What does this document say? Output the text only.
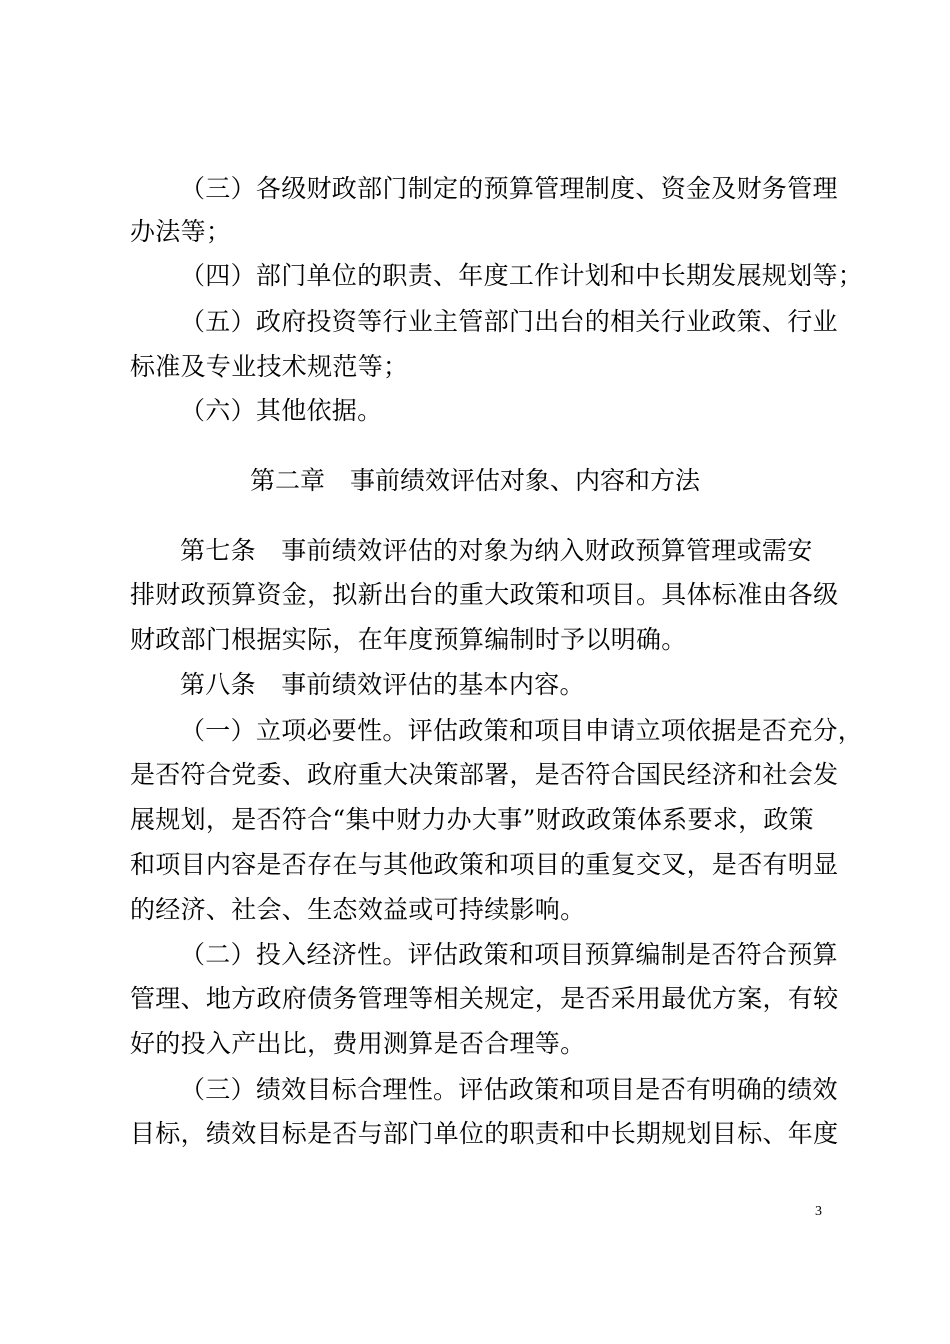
（三）各级财政部门制定的预算管理制度、资金及财务管理
办法等；
（四）部门单位的职责、年度工作计划和中长期发展规划等；
（五）政府投资等行业主管部门出台的相关行业政策、行业
标准及专业技术规范等；
（六）其他依据。
第二章　事前绩效评估对象、内容和方法
第七条　事前绩效评估的对象为纳入财政预算管理或需安
排财政预算资金，拟新出台的重大政策和项目。具体标准由各级
财政部门根据实际，在年度预算编制时予以明确。
第八条　事前绩效评估的基本内容。
（一）立项必要性。评估政策和项目申请立项依据是否充分，
是否符合党委、政府重大决策部署，是否符合国民经济和社会发
展规划，是否符合“集中财力办大事”财政政策体系要求，政策
和项目内容是否存在与其他政策和项目的重复交叉，是否有明显
的经济、社会、生态效益或可持续影响。
（二）投入经济性。评估政策和项目预算编制是否符合预算
管理、地方政府债务管理等相关规定，是否采用最优方案，有较
好的投入产出比，费用测算是否合理等。
（三）绩效目标合理性。评估政策和项目是否有明确的绩效
目标，绩效目标是否与部门单位的职责和中长期规划目标、年度
3
